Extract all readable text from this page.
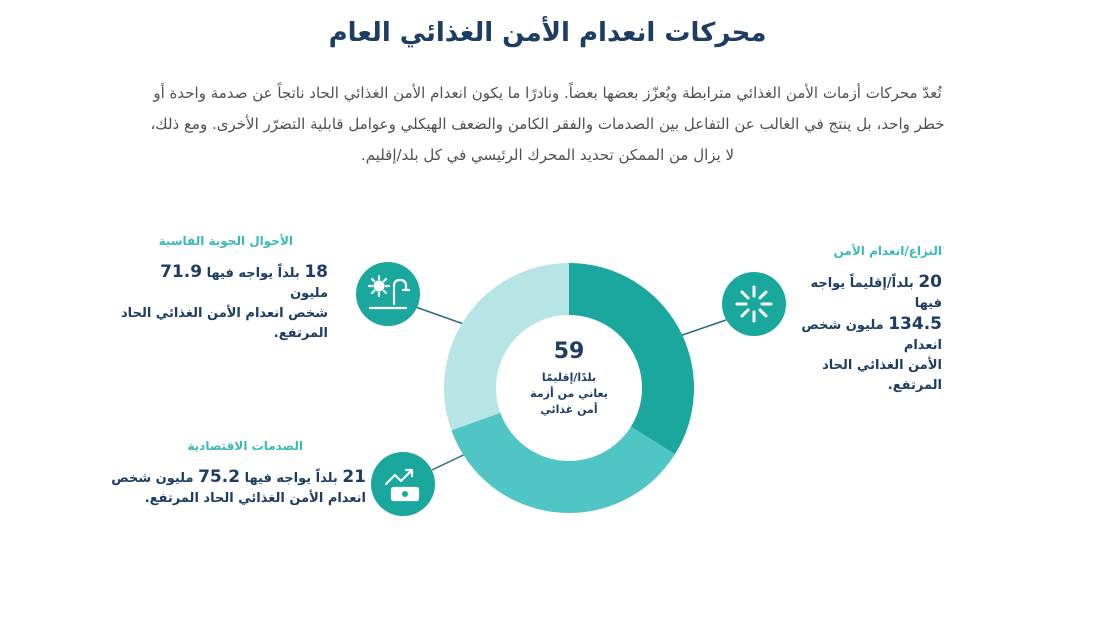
محركات انعدام الأمن الغذائي العام
تُعدّ محركات أزمات الأمن الغذائي مترابطة ويُعزّز بعضها بعضاً. ونادرًا ما يكون انعدام الأمن الغذائي الحاد ناتجاً عن صدمة واحدة أو
خطر واحد، بل ينتج في الغالب عن التفاعل بين الصدمات والفقر الكامن والضعف الهيكلي وعوامل قابلية التضرّر الأخرى. ومع ذلك،
لا يزال من الممكن تحديد المحرك الرئيسي في كل بلد/إقليم.
59
بلدًا/إقليمًا
يعاني من أزمة
أمن غذائي
النزاع/انعدام الأمن
20 بلداً/إقليماً يواجه فيها
134.5 مليون شخص انعدام
الأمن الغذائي الحاد المرتفع.
الأحوال الجوية القاسية
18 بلداً يواجه فيها 71.9 مليون
شخص انعدام الأمن الغذائي الحاد
المرتفع.
الصدمات الاقتصادية
21 بلداً يواجه فيها 75.2 مليون شخص
انعدام الأمن الغذائي الحاد المرتفع.
